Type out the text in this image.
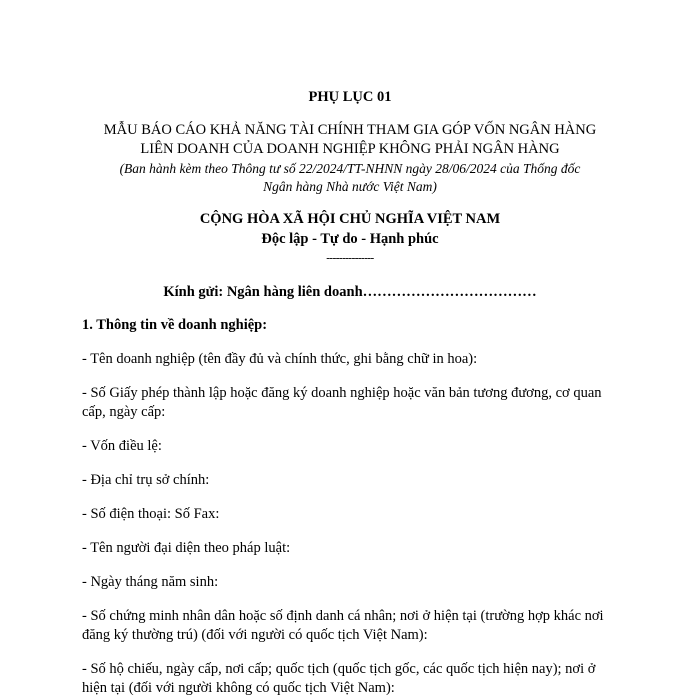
PHỤ LỤC 01

MẪU BÁO CÁO KHẢ NĂNG TÀI CHÍNH THAM GIA GÓP VỐN NGÂN HÀNG

LIÊN DOANH CỦA DOANH NGHIỆP KHÔNG PHẢI NGÂN HÀNG

(Ban hành kèm theo Thông tư số 22/2024/TT-NHNN ngày 28/06/2024 của Thống đốc

Ngân hàng Nhà nước Việt Nam)

CỘNG HÒA XÃ HỘI CHỦ NGHĨA VIỆT NAM

Độc lập - Tự do - Hạnh phúc

---------------

Kính gửi: Ngân hàng liên doanh………………………………

1. Thông tin về doanh nghiệp:

- Tên doanh nghiệp (tên đầy đủ và chính thức, ghi bằng chữ in hoa):

- Số Giấy phép thành lập hoặc đăng ký doanh nghiệp hoặc văn bản tương đương, cơ quan

cấp, ngày cấp:

- Vốn điều lệ:

- Địa chỉ trụ sở chính:

- Số điện thoại: Số Fax:

- Tên người đại diện theo pháp luật:

- Ngày tháng năm sinh:

- Số chứng minh nhân dân hoặc số định danh cá nhân; nơi ở hiện tại (trường hợp khác nơi

đăng ký thường trú) (đối với người có quốc tịch Việt Nam):

- Số hộ chiếu, ngày cấp, nơi cấp; quốc tịch (quốc tịch gốc, các quốc tịch hiện nay); nơi ở

hiện tại (đối với người không có quốc tịch Việt Nam):
